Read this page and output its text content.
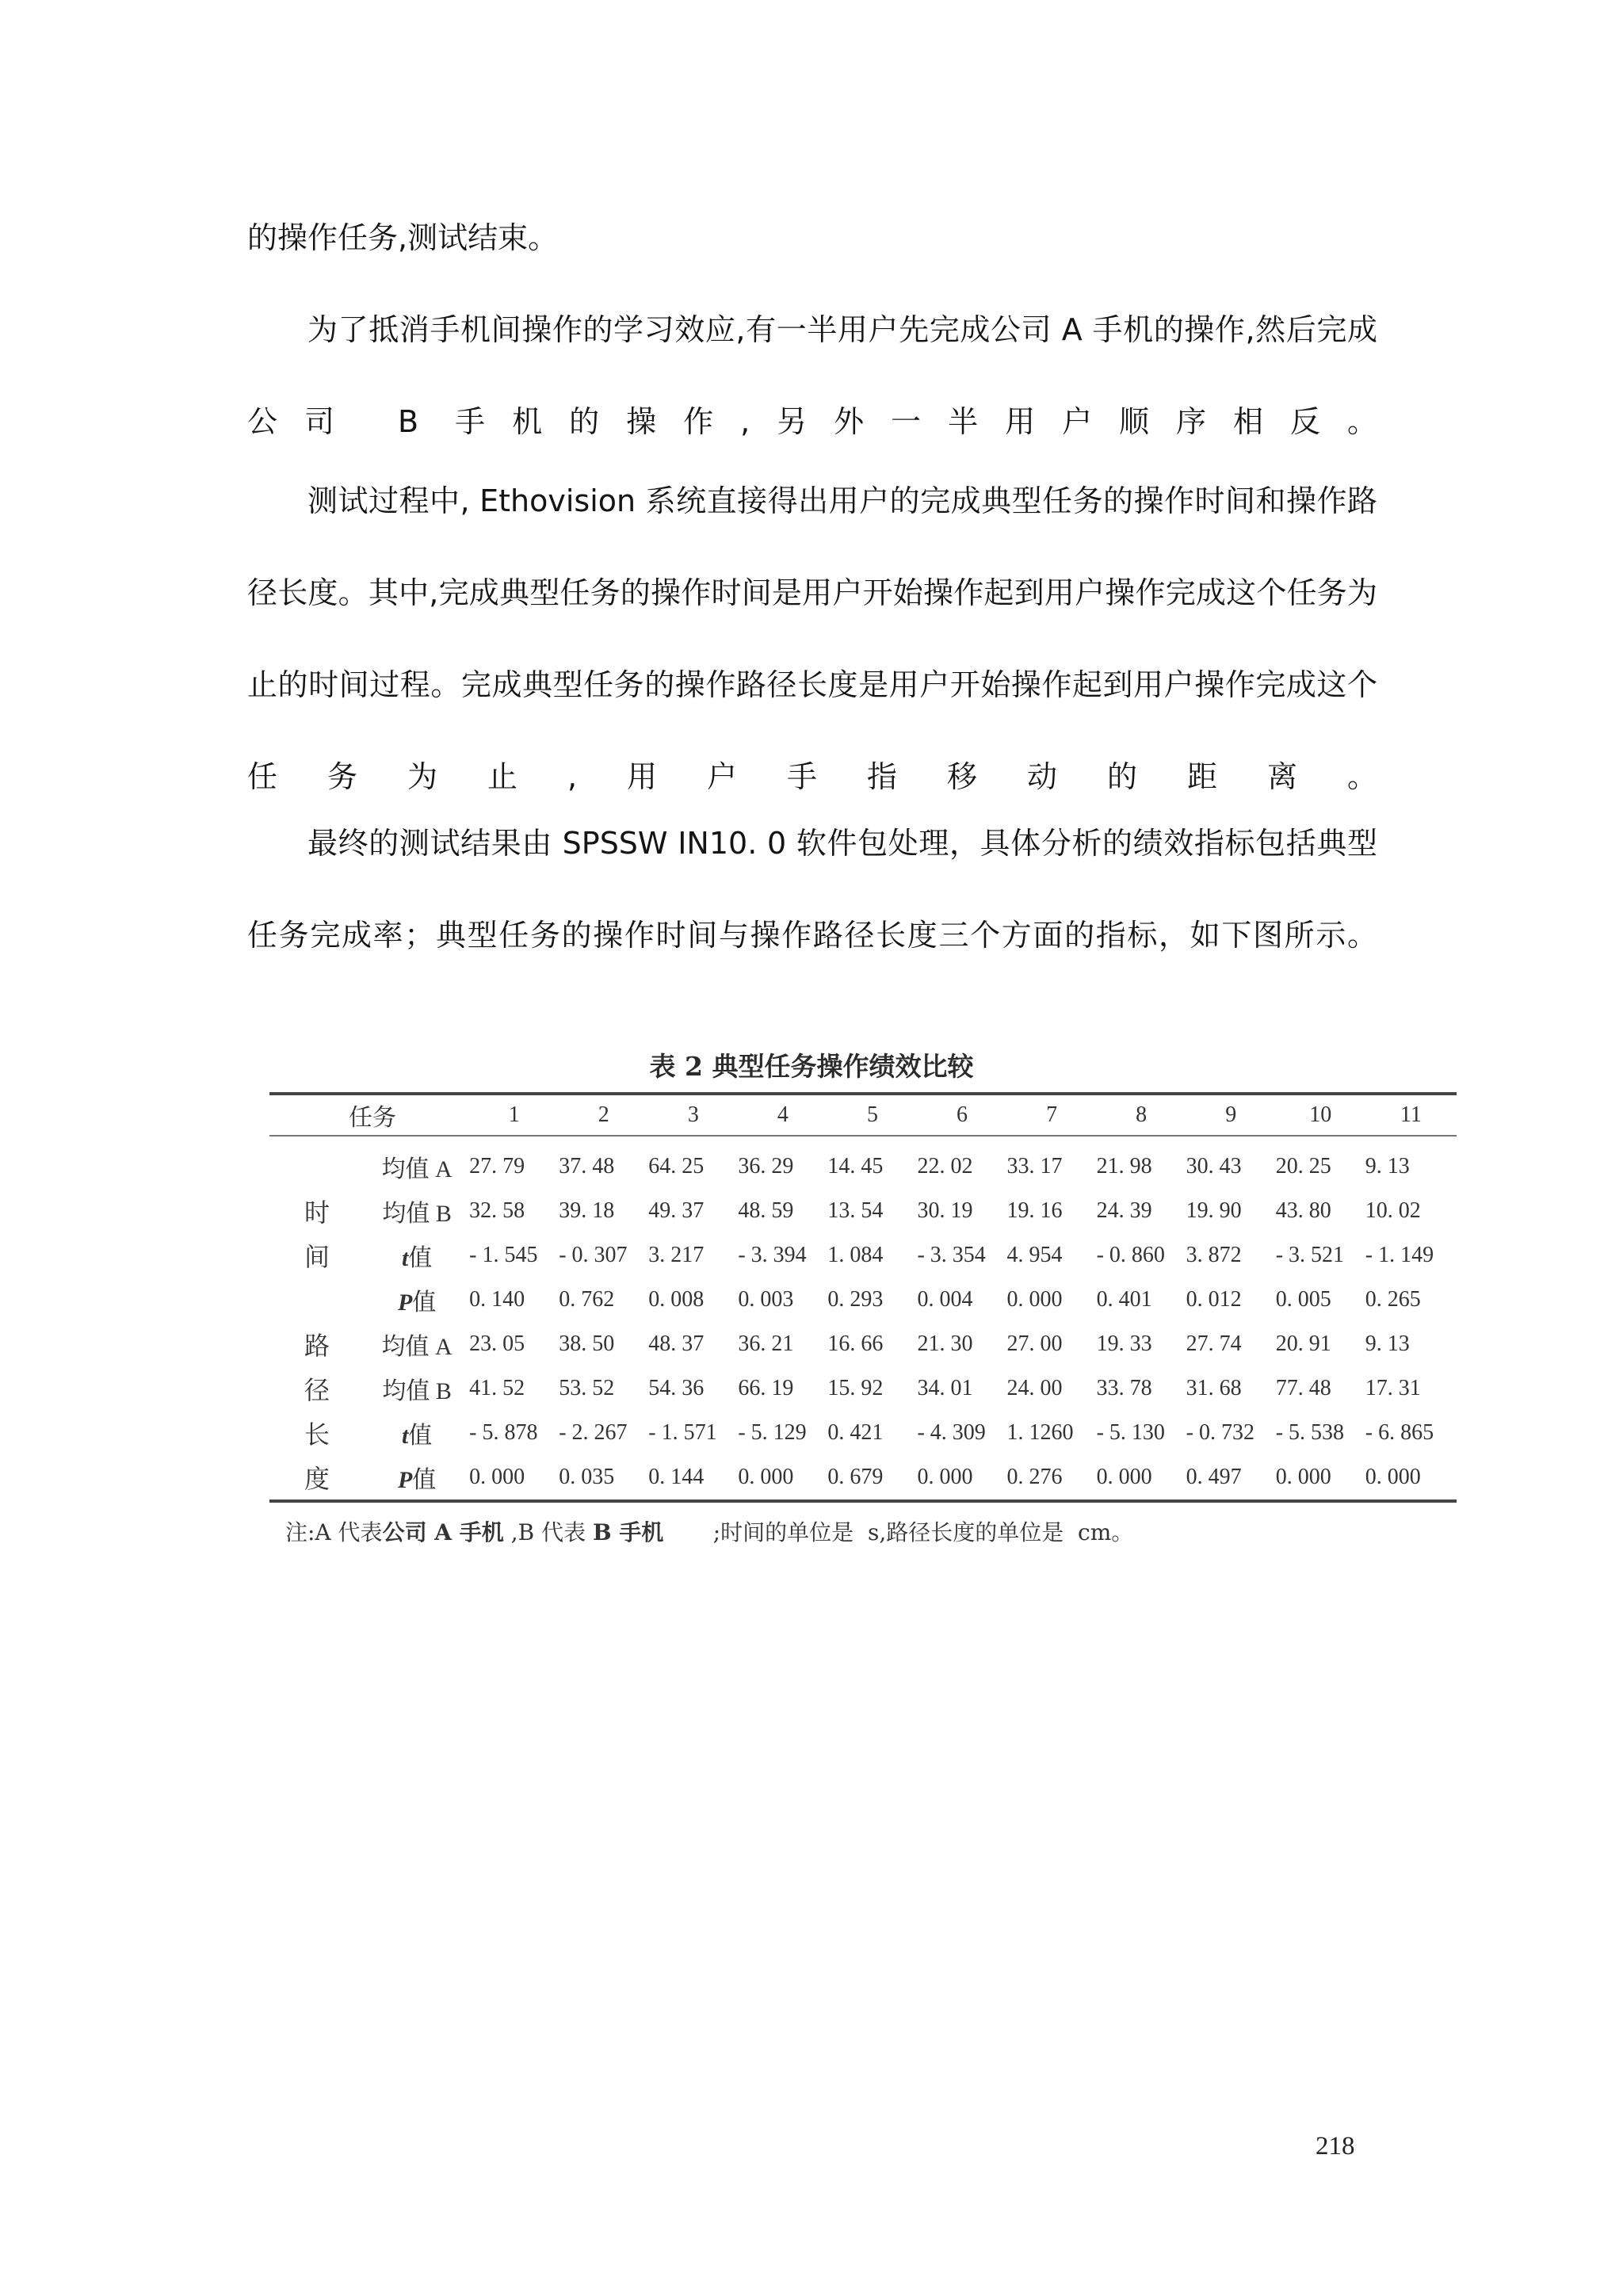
的操作任务,测试结束。

为了抵消手机间操作的学习效应,有一半用户先完成公司 A 手机的操作,然后完成公司 B 手机的操作,另外一半用户顺序相反。

测试过程中, Ethovision 系统直接得出用户的完成典型任务的操作时间和操作路径长度。其中,完成典型任务的操作时间是用户开始操作起到用户操作完成这个任务为止的时间过程。完成典型任务的操作路径长度是用户开始操作起到用户操作完成这个任务为止,用户手指移动的距离。

最终的测试结果由 SPSSW IN10. 0 软件包处理，具体分析的绩效指标包括典型任务完成率；典型任务的操作时间与操作路径长度三个方面的指标，如下图所示。

表 2 典型任务操作绩效比较
任务		1	2	3	4	5	6	7	8	9	10	11
	均值 A	27. 79	37. 48	64. 25	36. 29	14. 45	22. 02	33. 17	21. 98	30. 43	20. 25	9. 13
时	均值 B	32. 58	39. 18	49. 37	48. 59	13. 54	30. 19	19. 16	24. 39	19. 90	43. 80	10. 02
间	t值	- 1. 545	- 0. 307	3. 217	- 3. 394	1. 084	- 3. 354	4. 954	- 0. 860	3. 872	- 3. 521	- 1. 149
	P值	0. 140	0. 762	0. 008	0. 003	0. 293	0. 004	0. 000	0. 401	0. 012	0. 005	0. 265
路	均值 A	23. 05	38. 50	48. 37	36. 21	16. 66	21. 30	27. 00	19. 33	27. 74	20. 91	9. 13
径	均值 B	41. 52	53. 52	54. 36	66. 19	15. 92	34. 01	24. 00	33. 78	31. 68	77. 48	17. 31
长	t值	- 5. 878	- 2. 267	- 1. 571	- 5. 129	0. 421	- 4. 309	1. 1260	- 5. 130	- 0. 732	- 5. 538	- 6. 865
度	P值	0. 000	0. 035	0. 144	0. 000	0. 679	0. 000	0. 276	0. 000	0. 497	0. 000	0. 000
注:A 代表公司 A 手机 ,B 代表 B 手机       ;时间的单位是  s,路径长度的单位是  cm。
218
